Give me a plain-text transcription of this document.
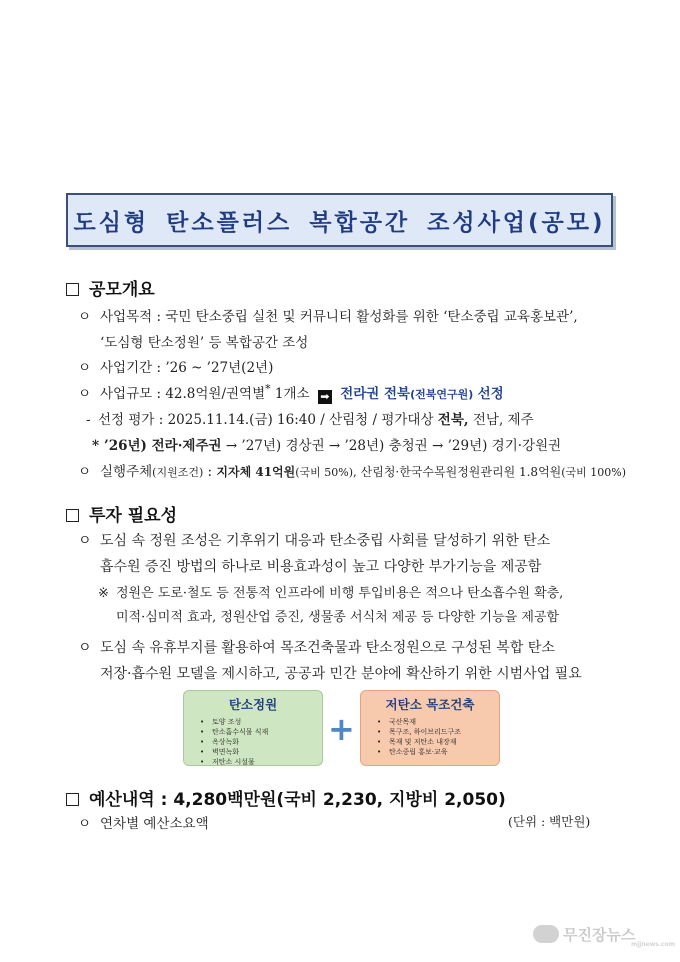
도심형 탄소플러스 복합공간 조성사업(공모)
공모개요
ㅇ 사업목적 : 국민 탄소중립 실천 및 커뮤니티 활성화를 위한 ‘탄소중립 교육홍보관’,
‘도심형 탄소정원’ 등 복합공간 조성
ㅇ 사업기간 : ’26 ~ ’27년(2년)
ㅇ 사업규모 : 42.8억원/권역별* 1개소 ➡ 전라권 전북(전북연구원) 선정
- 선정 평가 : 2025.11.14.(금) 16:40 / 산림청 / 평가대상 전북, 전남, 제주
* ’26년) 전라·제주권 → ’27년) 경상권 → ’28년) 충청권 → ’29년) 경기·강원권
ㅇ 실행주체(지원조건) : 지자체 41억원(국비 50%), 산림청·한국수목원정원관리원 1.8억원(국비 100%)
투자 필요성
ㅇ 도심 속 정원 조성은 기후위기 대응과 탄소중립 사회를 달성하기 위한 탄소
흡수원 증진 방법의 하나로 비용효과성이 높고 다양한 부가기능을 제공함
※ 정원은 도로·철도 등 전통적 인프라에 비행 투입비용은 적으나 탄소흡수원 확충,
미적·심미적 효과, 정원산업 증진, 생물종 서식처 제공 등 다양한 기능을 제공함
ㅇ 도심 속 유휴부지를 활용하여 목조건축물과 탄소정원으로 구성된 복합 탄소
저장·흡수원 모델을 제시하고, 공공과 민간 분야에 확산하기 위한 시범사업 필요
탄소정원
• 토양 조성
• 탄소흡수식물 식재
• 옥상녹화
• 벽면녹화
• 저탄소 시설물
+
저탄소 목조건축
• 국산목재
• 목구조, 하이브리드구조
• 목재 및 저탄소 내장재
• 탄소중립 홍보·교육
예산내역 : 4,280백만원(국비 2,230, 지방비 2,050)
ㅇ 연차별 예산소요액	(단위 : 백만원)
무진장뉴스
mjjnews.com
